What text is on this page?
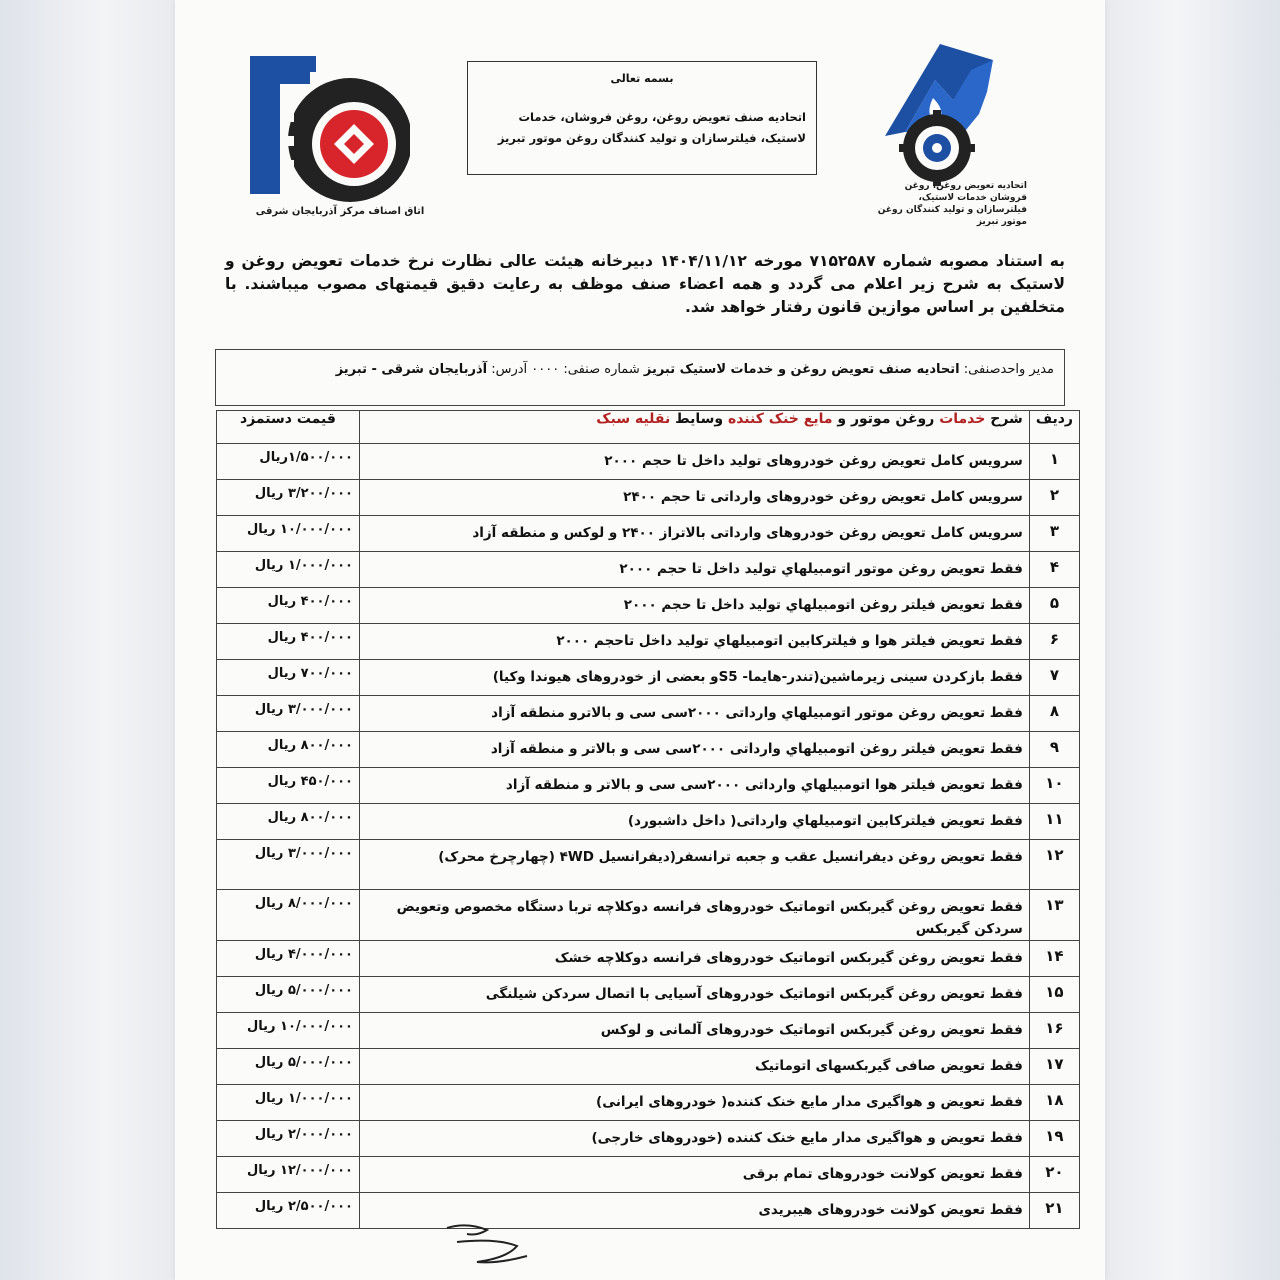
اتحادیه تعویض روغن، روغن فروشان خدمات لاستیک، فیلترسازان و تولید کنندگان روغن موتور تبریز
بسمه تعالی
اتحادیه صنف تعویض روغن، روغن فروشان، خدمات لاستیک، فیلترسازان و تولید کنندگان روغن موتور تبریز
اتاق اصناف مرکز آذربایجان شرقی
به استناد مصوبه شماره ۷۱۵۲۵۸۷ مورخه ۱۴۰۴/۱۱/۱۲ دبیرخانه هیئت عالی نظارت نرخ خدمات تعویض روغن و لاستیک به شرح زیر اعلام می گردد و همه اعضاء صنف موظف به رعایت دقیق قیمتهای مصوب میباشند. با متخلفین بر اساس موازین قانون رفتار خواهد شد.
مدیر واحدصنفی: اتحادیه صنف تعویض روغن و خدمات لاستیک تبریز شماره صنفی: ۰۰۰۰ آدرس: آذربایجان شرقی - تبریز
ردیف	شرح خدمات روغن موتور و مایع خنک کننده وسایط نقلیه سبک	قیمت دستمزد
۱	سرویس کامل تعویض روغن خودروهای تولید داخل تا حجم ۲۰۰۰	۱/۵۰۰/۰۰۰ریال
۲	سرویس کامل تعویض روغن خودروهای وارداتی تا حجم ۲۴۰۰	۳/۲۰۰/۰۰۰ ریال
۳	سرویس کامل تعویض روغن خودروهای وارداتی بالاتراز ۲۴۰۰ و لوکس و منطقه آزاد	۱۰/۰۰۰/۰۰۰ ریال
۴	فقط تعویض روغن موتور اتومبیلهاي تولید داخل تا حجم ۲۰۰۰	۱/۰۰۰/۰۰۰ ریال
۵	فقط تعویض فیلتر روغن اتومبیلهاي تولید داخل تا حجم ۲۰۰۰	۴۰۰/۰۰۰ ریال
۶	فقط تعویض فیلتر هوا و فیلترکابین اتومبیلهاي تولید داخل تاحجم ۲۰۰۰	۴۰۰/۰۰۰ ریال
۷	فقط بازکردن سینی زیرماشین(تندر-هایما- S5و بعضی از خودروهای هیوندا وکیا)	۷۰۰/۰۰۰ ریال
۸	فقط تعویض روغن موتور اتومبیلهاي وارداتی ۲۰۰۰سی سی و بالاترو منطقه آزاد	۳/۰۰۰/۰۰۰ ریال
۹	فقط تعویض فیلتر روغن اتومبیلهاي وارداتی ۲۰۰۰سی سی و بالاتر و منطقه آزاد	۸۰۰/۰۰۰ ریال
۱۰	فقط تعویض فیلتر هوا اتومبیلهاي وارداتی ۲۰۰۰سی سی و بالاتر و منطقه آزاد	۴۵۰/۰۰۰ ریال
۱۱	فقط تعویض فیلترکابین اتومبیلهاي وارداتی( داخل داشبورد)	۸۰۰/۰۰۰ ریال
۱۲	فقط تعویض روغن دیفرانسیل عقب و جعبه ترانسفر(دیفرانسیل ۴WD (چهارچرخ محرک)	۳/۰۰۰/۰۰۰ ریال
۱۳	فقط تعویض روغن گیربکس اتوماتیک خودروهای فرانسه دوکلاچه تربا دستگاه مخصوص وتعویض سردکن گیربکس	۸/۰۰۰/۰۰۰ ریال
۱۴	فقط تعویض روغن گیربکس اتوماتیک خودروهای فرانسه دوکلاچه خشک	۴/۰۰۰/۰۰۰ ریال
۱۵	فقط تعویض روغن گیربکس اتوماتیک خودروهای آسیایی با اتصال سردکن شیلنگی	۵/۰۰۰/۰۰۰ ریال
۱۶	فقط تعویض روغن گیربکس اتوماتیک خودروهای آلمانی و لوکس	۱۰/۰۰۰/۰۰۰ ریال
۱۷	فقط تعویض صافی گیربکسهای اتوماتیک	۵/۰۰۰/۰۰۰ ریال
۱۸	فقط تعویض و هواگیری مدار مایع خنک کننده( خودروهای ایرانی)	۱/۰۰۰/۰۰۰ ریال
۱۹	فقط تعویض و هواگیری مدار مایع خنک کننده (خودروهای خارجی)	۲/۰۰۰/۰۰۰ ریال
۲۰	فقط تعویض کولانت خودروهای تمام برقی	۱۲/۰۰۰/۰۰۰ ریال
۲۱	فقط تعویض کولانت خودروهای هیبریدی	۲/۵۰۰/۰۰۰ ریال
